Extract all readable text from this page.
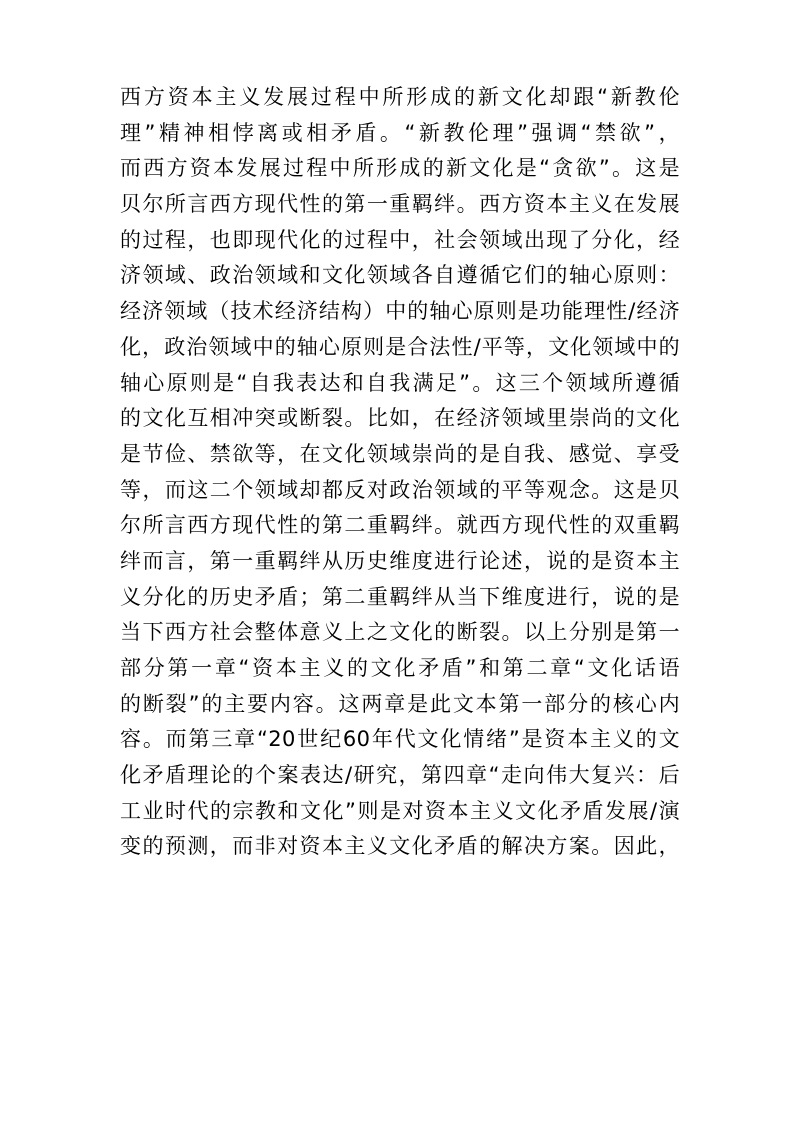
西方资本主义发展过程中所形成的新文化却跟“新教伦
理”精神相悖离或相矛盾。“新教伦理”强调“禁欲”，
而西方资本发展过程中所形成的新文化是“贪欲”。这是
贝尔所言西方现代性的第一重羁绊。西方资本主义在发展
的过程，也即现代化的过程中，社会领域出现了分化，经
济领域、政治领域和文化领域各自遵循它们的轴心原则：
经济领域（技术经济结构）中的轴心原则是功能理性/经济
化，政治领域中的轴心原则是合法性/平等，文化领域中的
轴心原则是“自我表达和自我满足”。这三个领域所遵循
的文化互相冲突或断裂。比如，在经济领域里崇尚的文化
是节俭、禁欲等，在文化领域崇尚的是自我、感觉、享受
等，而这二个领域却都反对政治领域的平等观念。这是贝
尔所言西方现代性的第二重羁绊。就西方现代性的双重羁
绊而言，第一重羁绊从历史维度进行论述，说的是资本主
义分化的历史矛盾；第二重羁绊从当下维度进行，说的是
当下西方社会整体意义上之文化的断裂。以上分别是第一
部分第一章“资本主义的文化矛盾”和第二章“文化话语
的断裂”的主要内容。这两章是此文本第一部分的核心内
容。而第三章“20世纪60年代文化情绪”是资本主义的文
化矛盾理论的个案表达/研究，第四章“走向伟大复兴：后
工业时代的宗教和文化”则是对资本主义文化矛盾发展/演
变的预测，而非对资本主义文化矛盾的解决方案。因此，
